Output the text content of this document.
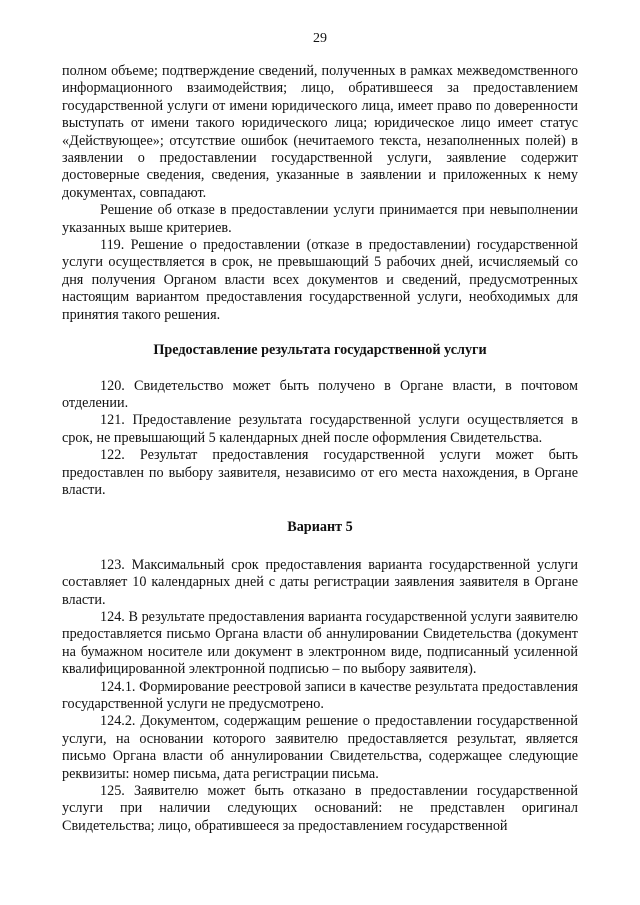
29

полном объеме; подтверждение сведений, полученных в рамках межведомственного информационного взаимодействия; лицо, обратившееся за предоставлением государственной услуги от имени юридического лица, имеет право по доверенности выступать от имени такого юридического лица; юридическое лицо имеет статус «Действующее»; отсутствие ошибок (нечитаемого текста, незаполненных полей) в заявлении о предоставлении государственной услуги, заявление содержит достоверные сведения, сведения, указанные в заявлении и приложенных к нему документах, совпадают.

Решение об отказе в предоставлении услуги принимается при невыполнении указанных выше критериев.

119. Решение о предоставлении (отказе в предоставлении) государственной услуги осуществляется в срок, не превышающий 5 рабочих дней, исчисляемый со дня получения Органом власти всех документов и сведений, предусмотренных настоящим вариантом предоставления государственной услуги, необходимых для принятия такого решения.

Предоставление результата государственной услуги

120. Свидетельство может быть получено в Органе власти, в почтовом отделении.

121. Предоставление результата государственной услуги осуществляется в срок, не превышающий 5 календарных дней после оформления Свидетельства.

122. Результат предоставления государственной услуги может быть предоставлен по выбору заявителя, независимо от его места нахождения, в Органе власти.

Вариант 5

123. Максимальный срок предоставления варианта государственной услуги составляет 10 календарных дней с даты регистрации заявления заявителя в Органе власти.

124. В результате предоставления варианта государственной услуги заявителю предоставляется письмо Органа власти об аннулировании Свидетельства (документ на бумажном носителе или документ в электронном виде, подписанный усиленной квалифицированной электронной подписью – по выбору заявителя).

124.1. Формирование реестровой записи в качестве результата предоставления государственной услуги не предусмотрено.

124.2. Документом, содержащим решение о предоставлении государственной услуги, на основании которого заявителю предоставляется результат, является письмо Органа власти об аннулировании Свидетельства, содержащее следующие реквизиты: номер письма, дата регистрации письма.

125. Заявителю может быть отказано в предоставлении государственной услуги при наличии следующих оснований: не представлен оригинал Свидетельства; лицо, обратившееся за предоставлением государственной
